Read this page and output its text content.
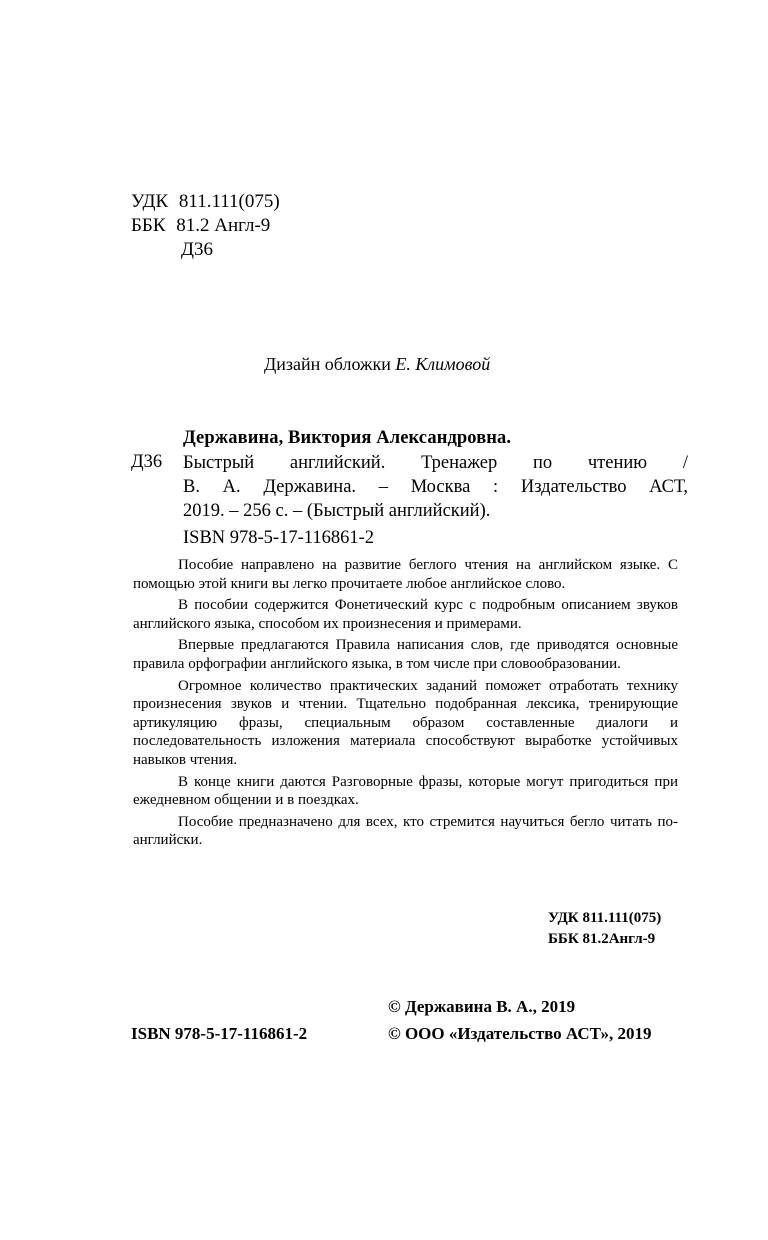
УДК 811.111(075)
ББК 81.2 Англ-9
Д36
Дизайн обложки Е. Климовой
Державина, Виктория Александровна.
Д36 Быстрый английский. Тренажер по чтению /
В. А. Державина. – Москва : Издательство АСТ,
2019. – 256 с. – (Быстрый английский).
ISBN 978-5-17-116861-2

Пособие направлено на развитие беглого чтения на английском языке. С помощью этой книги вы легко прочитаете любое английское слово.

В пособии содержится Фонетический курс с подробным описанием звуков английского языка, способом их произнесения и примерами.

Впервые предлагаются Правила написания слов, где приводятся основные правила орфографии английского языка, в том числе при словообразовании.

Огромное количество практических заданий поможет отработать технику произнесения звуков и чтении. Тщательно подобранная лексика, тренирующие артикуляцию фразы, специальным образом составленные диалоги и последовательность изложения материала способствуют выработке устойчивых навыков чтения.

В конце книги даются Разговорные фразы, которые могут пригодиться при ежедневном общении и в поездках.

Пособие предназначено для всех, кто стремится научиться бегло читать по-английски.

УДК 811.111(075)
ББК 81.2Англ-9
© Державина В. А., 2019
ISBN 978-5-17-116861-2	© ООО «Издательство АСТ», 2019
